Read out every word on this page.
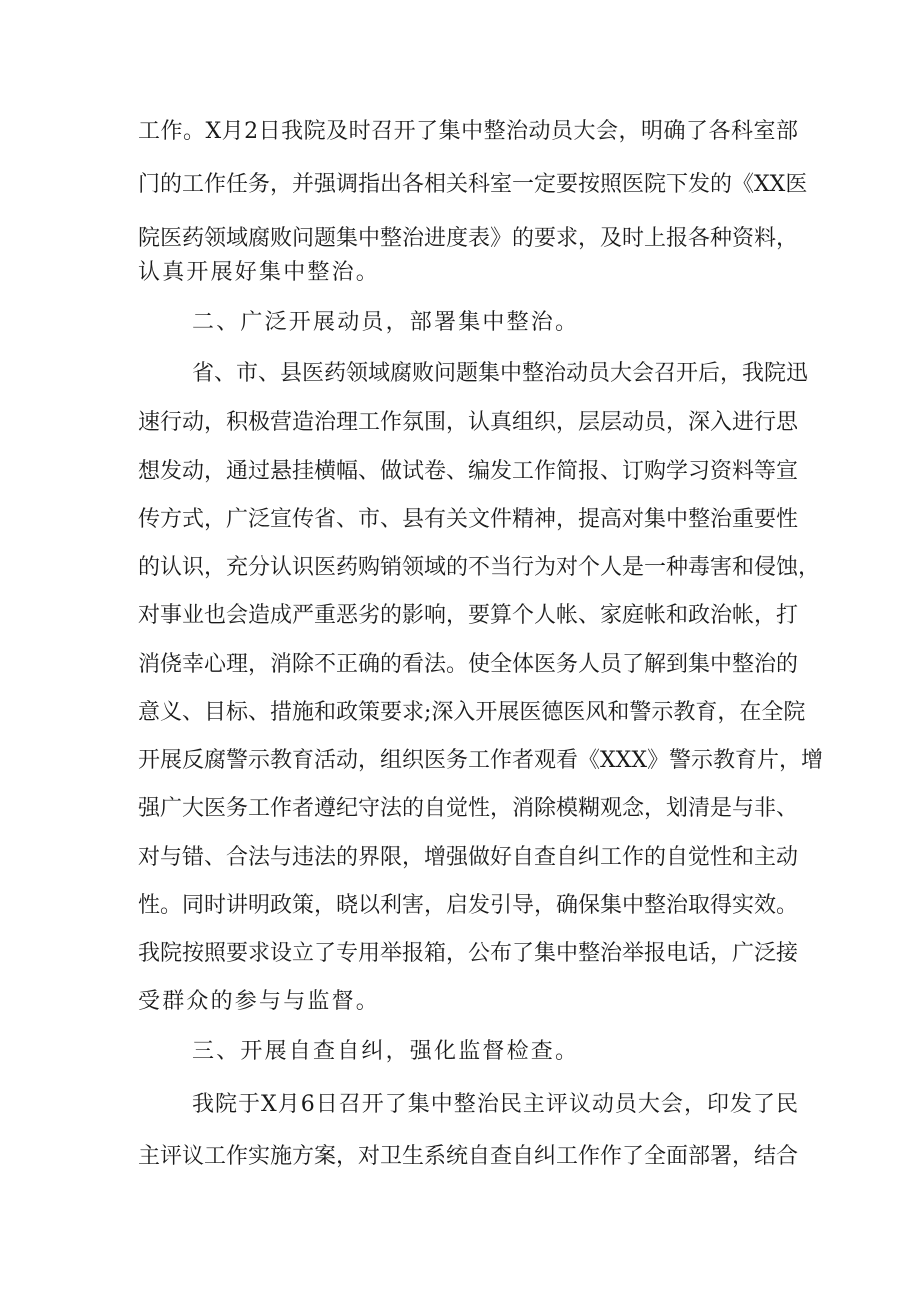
工作。X月2日我院及时召开了集中整治动员大会，明确了各科室部

门的工作任务，并强调指出各相关科室一定要按照医院下发的《XX医

院医药领域腐败问题集中整治进度表》的要求，及时上报各种资料，

认真开展好集中整治。

二、广泛开展动员，部署集中整治。

省、市、县医药领域腐败问题集中整治动员大会召开后，我院迅

速行动，积极营造治理工作氛围，认真组织，层层动员，深入进行思

想发动，通过悬挂横幅、做试卷、编发工作简报、订购学习资料等宣

传方式，广泛宣传省、市、县有关文件精神，提高对集中整治重要性

的认识，充分认识医药购销领域的不当行为对个人是一种毒害和侵蚀，

对事业也会造成严重恶劣的影响，要算个人帐、家庭帐和政治帐，打

消侥幸心理，消除不正确的看法。使全体医务人员了解到集中整治的

意义、目标、措施和政策要求;深入开展医德医风和警示教育，在全院

开展反腐警示教育活动，组织医务工作者观看《XXX》警示教育片，增

强广大医务工作者遵纪守法的自觉性，消除模糊观念，划清是与非、

对与错、合法与违法的界限，增强做好自查自纠工作的自觉性和主动

性。同时讲明政策，晓以利害，启发引导，确保集中整治取得实效。

我院按照要求设立了专用举报箱，公布了集中整治举报电话，广泛接

受群众的参与与监督。

三、开展自查自纠，强化监督检查。

我院于X月6日召开了集中整治民主评议动员大会，印发了民

主评议工作实施方案，对卫生系统自查自纠工作作了全面部署，结合
